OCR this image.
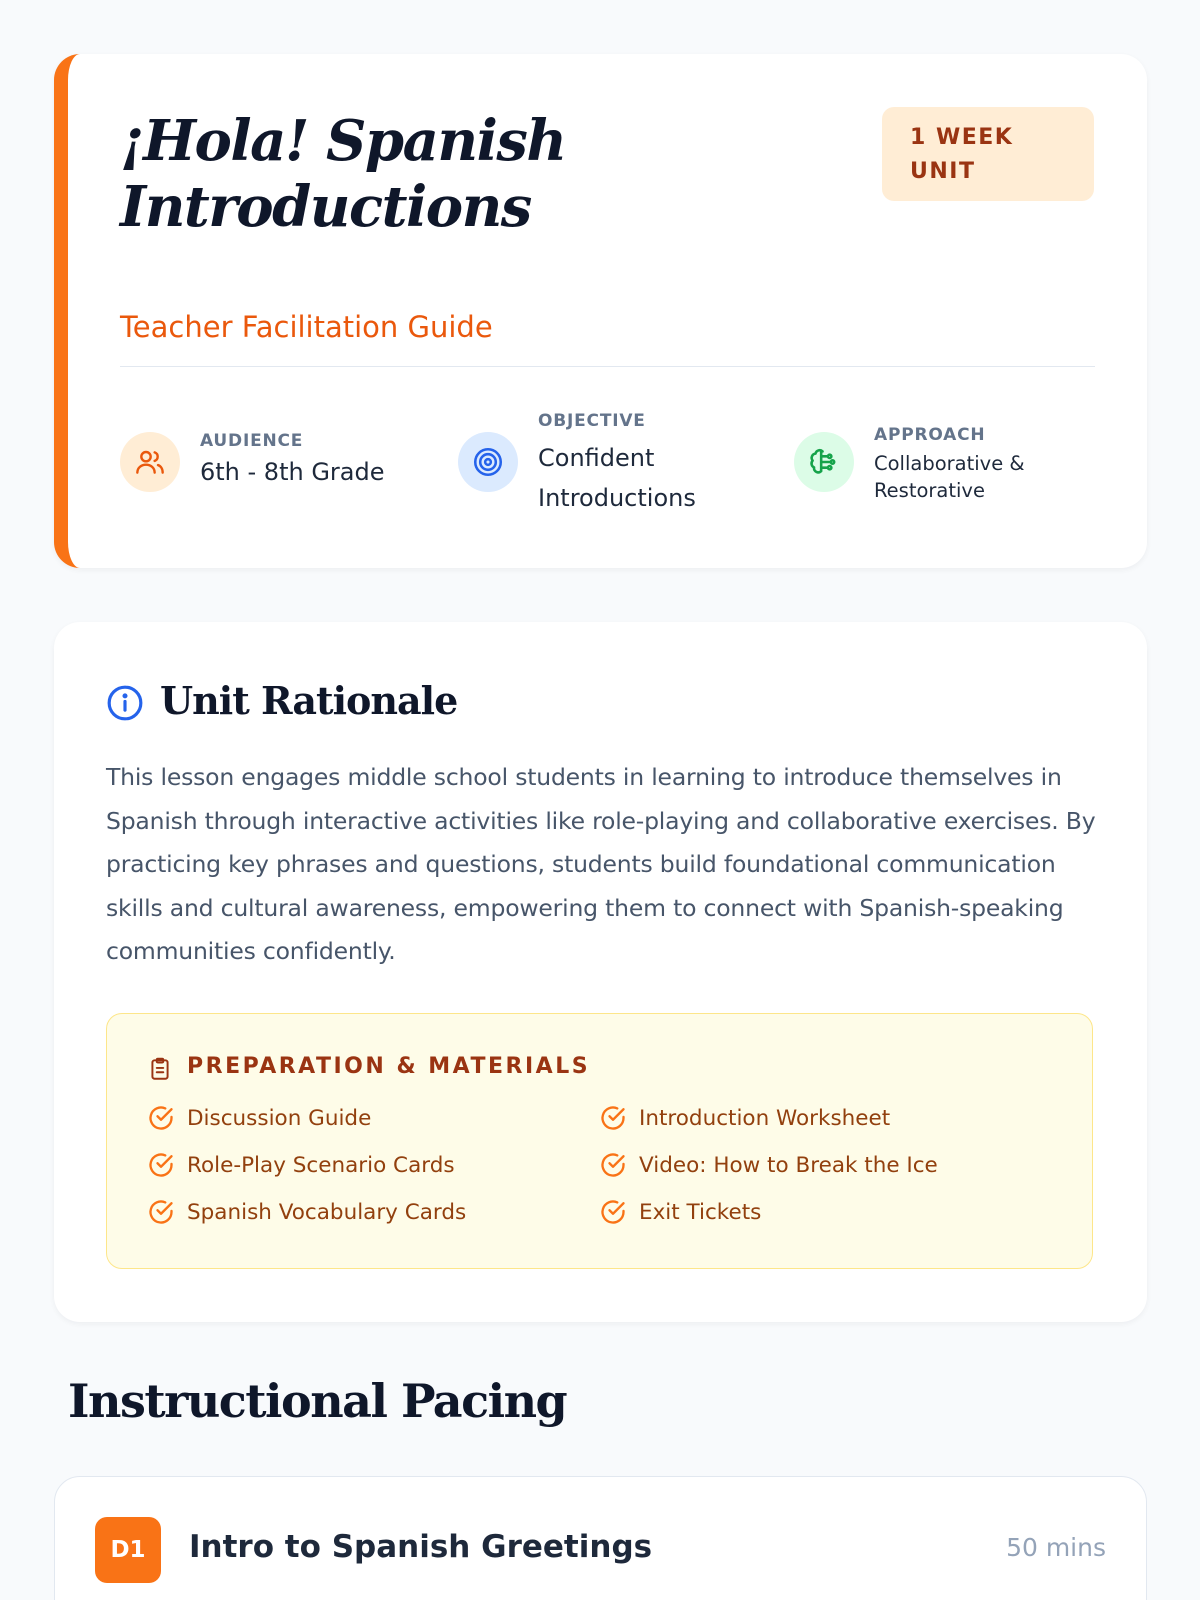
¡Hola! Spanish Introductions
Teacher Facilitation Guide
1 WEEK UNIT
AUDIENCE
6th - 8th Grade
OBJECTIVE
Confident Introductions
APPROACH
Collaborative & Restorative
Unit Rationale

This lesson engages middle school students in learning to introduce themselves in Spanish through interactive activities like role-playing and collaborative exercises. By practicing key phrases and questions, students build foundational communication skills and cultural awareness, empowering them to connect with Spanish-speaking communities confidently.

PREPARATION & MATERIALS
Discussion Guide	Introduction Worksheet
Role-Play Scenario Cards	Video: How to Break the Ice
Spanish Vocabulary Cards	Exit Tickets
Instructional Pacing
D1	Intro to Spanish Greetings	50 mins
